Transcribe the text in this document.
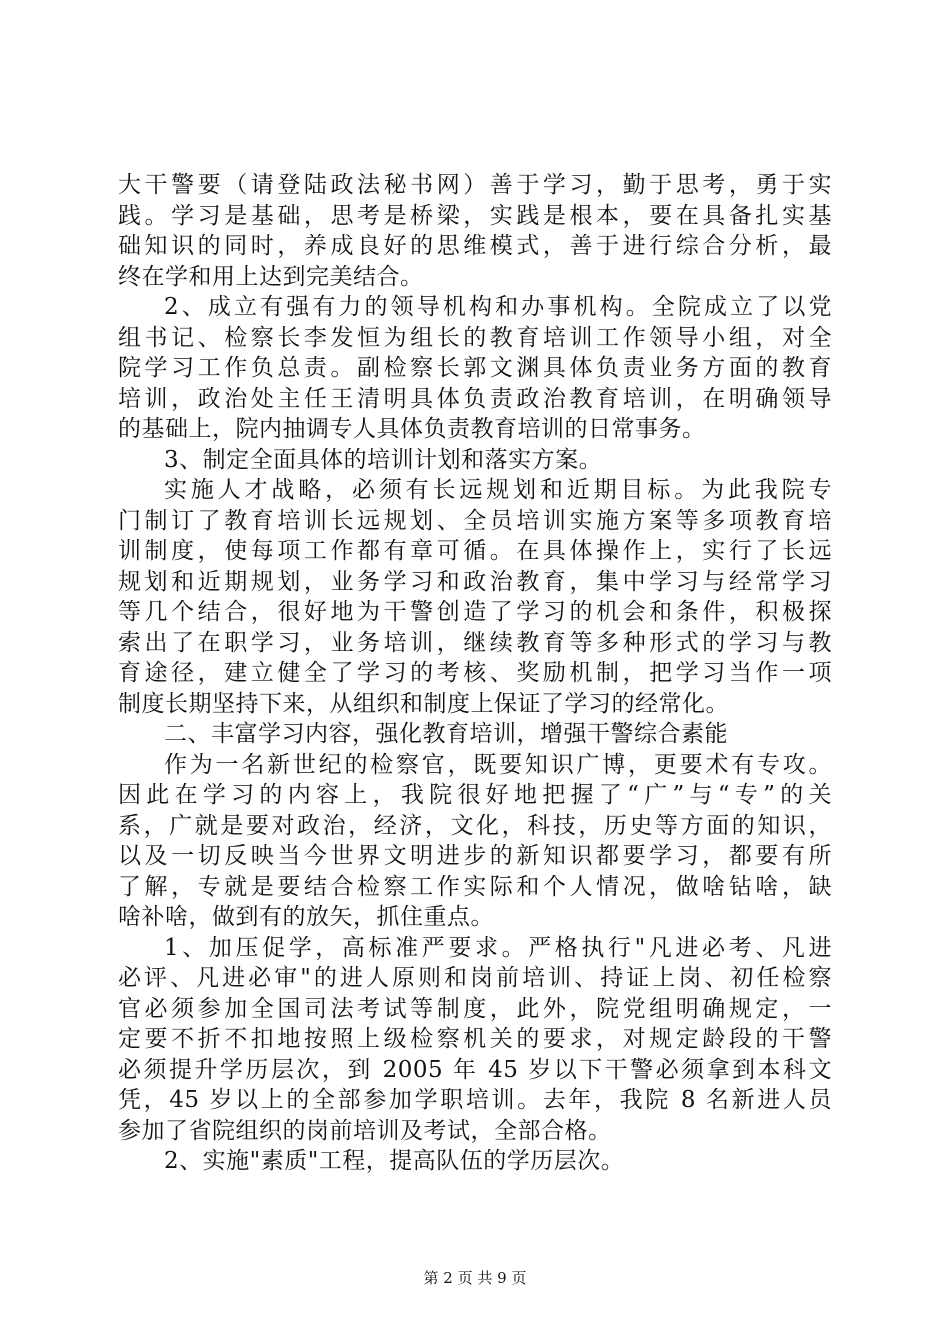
大干警要（请登陆政法秘书网）善于学习，勤于思考，勇于实
践。学习是基础，思考是桥梁，实践是根本，要在具备扎实基
础知识的同时，养成良好的思维模式，善于进行综合分析，最
终在学和用上达到完美结合。
2、成立有强有力的领导机构和办事机构。全院成立了以党
组书记、检察长李发恒为组长的教育培训工作领导小组，对全
院学习工作负总责。副检察长郭文渊具体负责业务方面的教育
培训，政治处主任王清明具体负责政治教育培训，在明确领导
的基础上，院内抽调专人具体负责教育培训的日常事务。
3、制定全面具体的培训计划和落实方案。
实施人才战略，必须有长远规划和近期目标。为此我院专
门制订了教育培训长远规划、全员培训实施方案等多项教育培
训制度，使每项工作都有章可循。在具体操作上，实行了长远
规划和近期规划，业务学习和政治教育，集中学习与经常学习
等几个结合，很好地为干警创造了学习的机会和条件，积极探
索出了在职学习，业务培训，继续教育等多种形式的学习与教
育途径，建立健全了学习的考核、奖励机制，把学习当作一项
制度长期坚持下来，从组织和制度上保证了学习的经常化。
二、丰富学习内容，强化教育培训，增强干警综合素能
作为一名新世纪的检察官，既要知识广博，更要术有专攻。
因此在学习的内容上，我院很好地把握了“广”与“专”的关
系，广就是要对政治，经济，文化，科技，历史等方面的知识，
以及一切反映当今世界文明进步的新知识都要学习，都要有所
了解，专就是要结合检察工作实际和个人情况，做啥钻啥，缺
啥补啥，做到有的放矢，抓住重点。
1、加压促学，高标准严要求。严格执行"凡进必考、凡进
必评、凡进必审"的进人原则和岗前培训、持证上岗、初任检察
官必须参加全国司法考试等制度，此外，院党组明确规定，一
定要不折不扣地按照上级检察机关的要求，对规定龄段的干警
必须提升学历层次，到 2005 年 45 岁以下干警必须拿到本科文
凭，45 岁以上的全部参加学职培训。去年，我院 8 名新进人员
参加了省院组织的岗前培训及考试，全部合格。
2、实施"素质"工程，提高队伍的学历层次。
第 2 页 共 9 页
